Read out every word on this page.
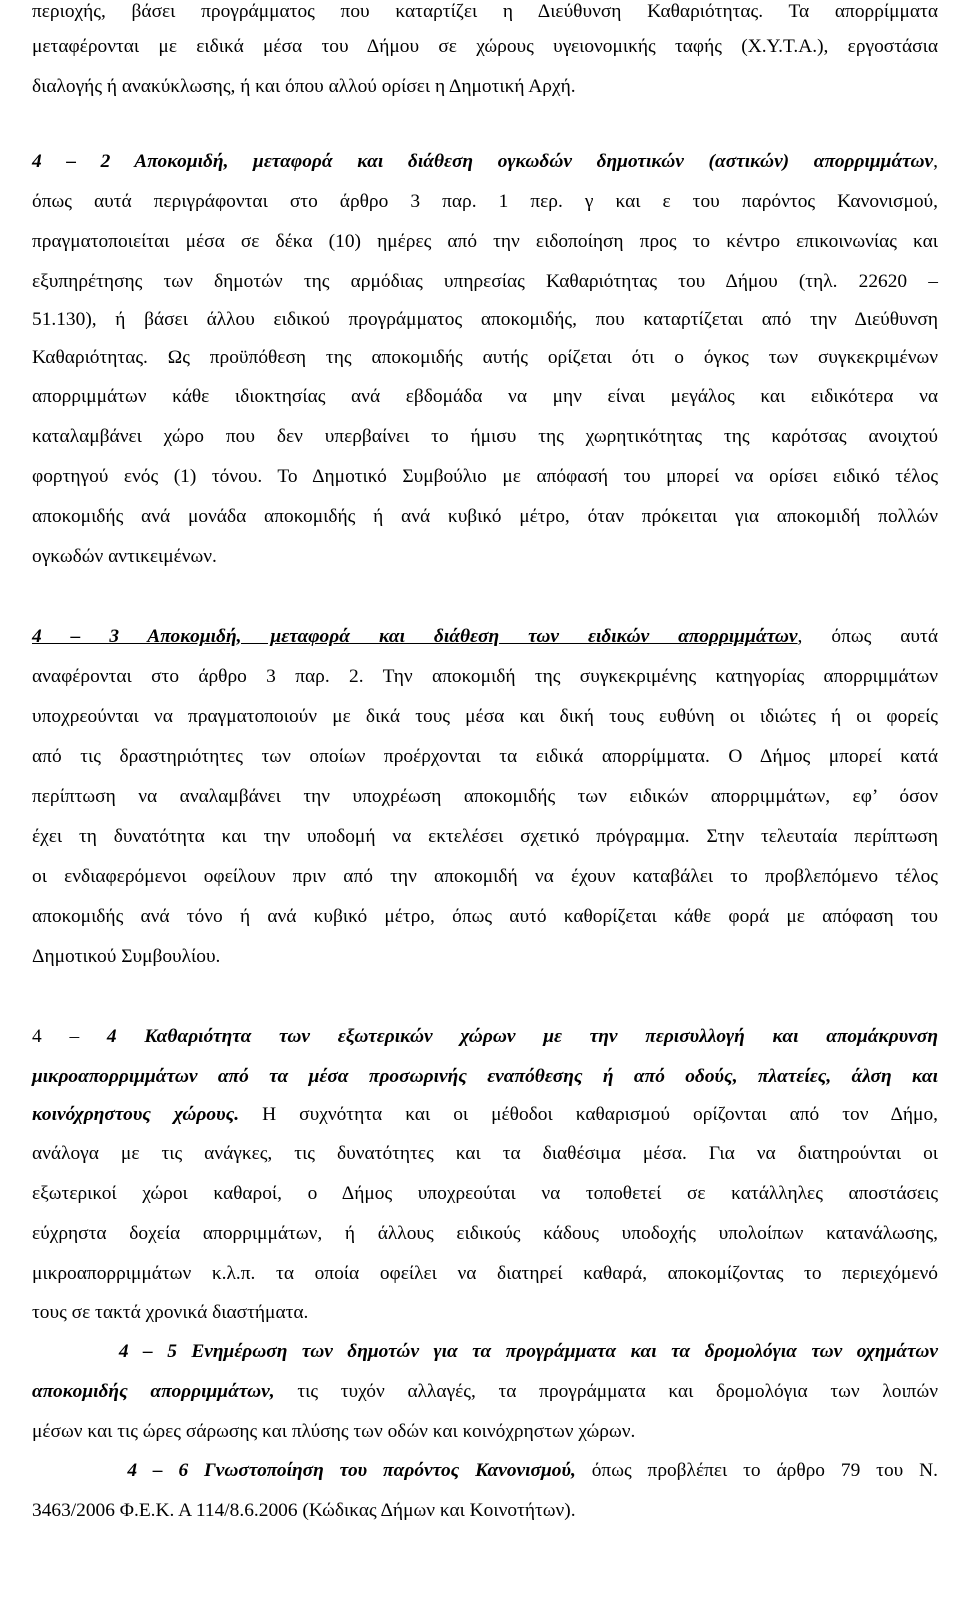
περιοχής, βάσει προγράμματος που καταρτίζει η Διεύθυνση Καθαριότητας. Τα απορρίμματα
μεταφέρονται με ειδικά μέσα του Δήμου σε χώρους υγειονομικής ταφής (Χ.Υ.Τ.Α.), εργοστάσια
διαλογής ή ανακύκλωσης, ή και όπου αλλού ορίσει η Δημοτική Αρχή.
4 – 2 Αποκομιδή, μεταφορά και διάθεση ογκωδών δημοτικών (αστικών) απορριμμάτων,
όπως αυτά περιγράφονται στο άρθρο 3 παρ. 1 περ. γ και ε του παρόντος Κανονισμού,
πραγματοποιείται μέσα σε δέκα (10) ημέρες από την ειδοποίηση προς το κέντρο επικοινωνίας και
εξυπηρέτησης των δημοτών της αρμόδιας υπηρεσίας Καθαριότητας του Δήμου (τηλ. 22620 –
51.130), ή βάσει άλλου ειδικού προγράμματος αποκομιδής, που καταρτίζεται από την Διεύθυνση
Καθαριότητας. Ως προϋπόθεση της αποκομιδής αυτής ορίζεται ότι ο όγκος των συγκεκριμένων
απορριμμάτων κάθε ιδιοκτησίας ανά εβδομάδα να μην είναι μεγάλος και ειδικότερα να
καταλαμβάνει χώρο που δεν υπερβαίνει το ήμισυ της χωρητικότητας της καρότσας ανοιχτού
φορτηγού ενός (1) τόνου. Το Δημοτικό Συμβούλιο με απόφασή του μπορεί να ορίσει ειδικό τέλος
αποκομιδής ανά μονάδα αποκομιδής ή ανά κυβικό μέτρο, όταν πρόκειται για αποκομιδή πολλών
ογκωδών αντικειμένων.
4 – 3 Αποκομιδή, μεταφορά και διάθεση των ειδικών απορριμμάτων, όπως αυτά
αναφέρονται στο άρθρο 3 παρ. 2. Την αποκομιδή της συγκεκριμένης κατηγορίας απορριμμάτων
υποχρεούνται να πραγματοποιούν με δικά τους μέσα και δική τους ευθύνη οι ιδιώτες ή οι φορείς
από τις δραστηριότητες των οποίων προέρχονται τα ειδικά απορρίμματα. Ο Δήμος μπορεί κατά
περίπτωση να αναλαμβάνει την υποχρέωση αποκομιδής των ειδικών απορριμμάτων, εφ’ όσον
έχει τη δυνατότητα και την υποδομή να εκτελέσει σχετικό πρόγραμμα. Στην τελευταία περίπτωση
οι ενδιαφερόμενοι οφείλουν πριν από την αποκομιδή να έχουν καταβάλει το προβλεπόμενο τέλος
αποκομιδής ανά τόνο ή ανά κυβικό μέτρο, όπως αυτό καθορίζεται κάθε φορά με απόφαση του
Δημοτικού Συμβουλίου.
4 – 4 Καθαριότητα των εξωτερικών χώρων με την περισυλλογή και απομάκρυνση
μικροαπορριμμάτων από τα μέσα προσωρινής εναπόθεσης ή από οδούς, πλατείες, άλση και
κοινόχρηστους χώρους. Η συχνότητα και οι μέθοδοι καθαρισμού ορίζονται από τον Δήμο,
ανάλογα με τις ανάγκες, τις δυνατότητες και τα διαθέσιμα μέσα. Για να διατηρούνται οι
εξωτερικοί χώροι καθαροί, ο Δήμος υποχρεούται να τοποθετεί σε κατάλληλες αποστάσεις
εύχρηστα δοχεία απορριμμάτων, ή άλλους ειδικούς κάδους υποδοχής υπολοίπων κατανάλωσης,
μικροαπορριμμάτων κ.λ.π. τα οποία οφείλει να διατηρεί καθαρά, αποκομίζοντας το περιεχόμενό
τους σε τακτά χρονικά διαστήματα.
4 – 5 Ενημέρωση των δημοτών για τα προγράμματα και τα δρομολόγια των οχημάτων
αποκομιδής απορριμμάτων, τις τυχόν αλλαγές, τα προγράμματα και δρομολόγια των λοιπών
μέσων και τις ώρες σάρωσης και πλύσης των οδών και κοινόχρηστων χώρων.
4 – 6 Γνωστοποίηση του παρόντος Κανονισμού, όπως προβλέπει το άρθρο 79 του Ν.
3463/2006 Φ.Ε.Κ. Α 114/8.6.2006 (Κώδικας Δήμων και Κοινοτήτων).
